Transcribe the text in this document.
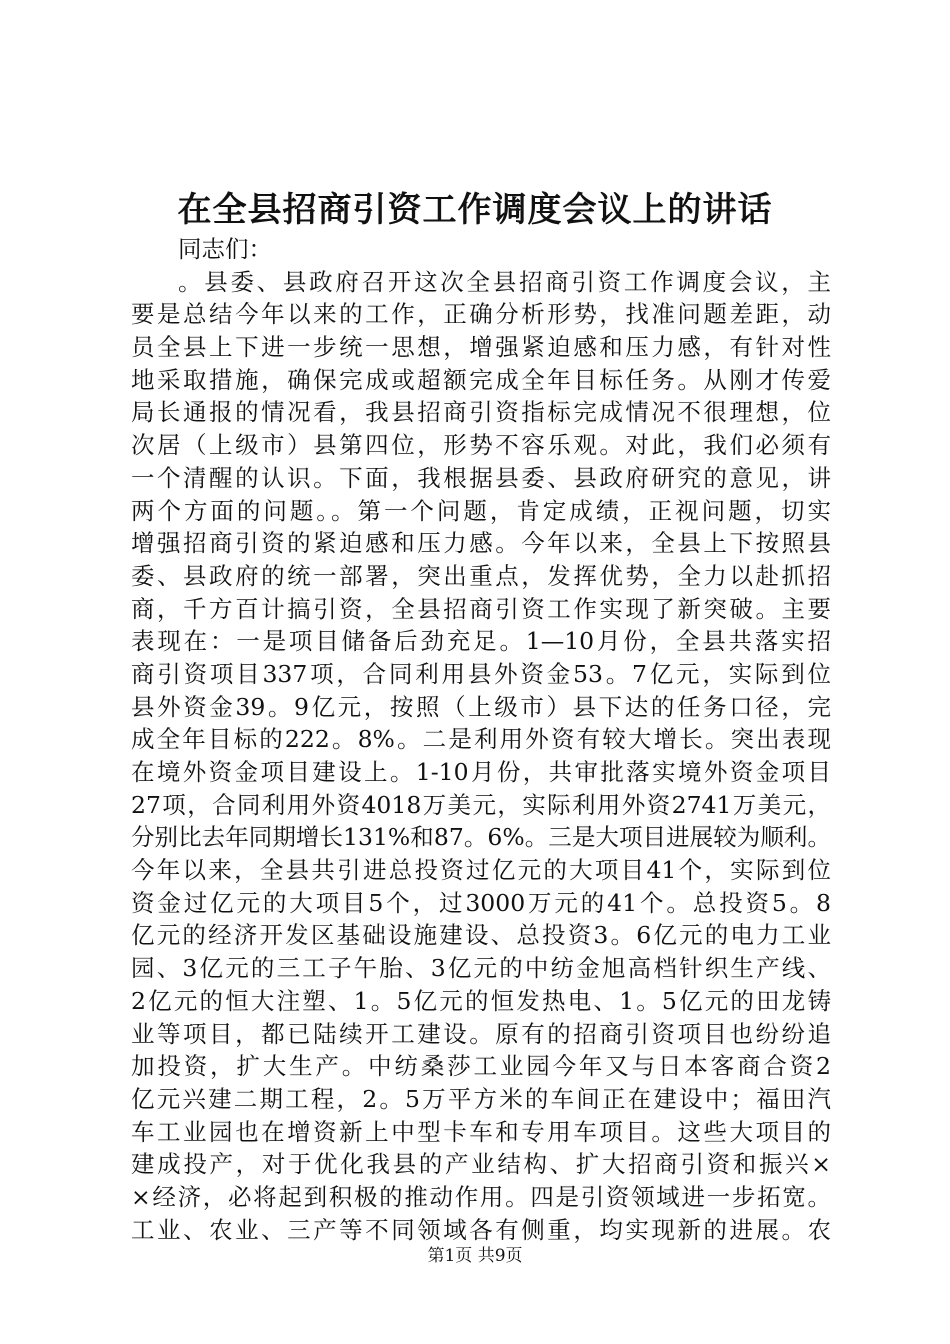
在全县招商引资工作调度会议上的讲话
同志们：
。县委、县政府召开这次全县招商引资工作调度会议，主
要是总结今年以来的工作，正确分析形势，找准问题差距，动
员全县上下进一步统一思想，增强紧迫感和压力感，有针对性
地采取措施，确保完成或超额完成全年目标任务。从刚才传爱
局长通报的情况看，我县招商引资指标完成情况不很理想，位
次居（上级市）县第四位，形势不容乐观。对此，我们必须有
一个清醒的认识。下面，我根据县委、县政府研究的意见，讲
两个方面的问题。。第一个问题，肯定成绩，正视问题，切实
增强招商引资的紧迫感和压力感。今年以来，全县上下按照县
委、县政府的统一部署，突出重点，发挥优势，全力以赴抓招
商，千方百计搞引资，全县招商引资工作实现了新突破。主要
表现在：一是项目储备后劲充足。1—10月份，全县共落实招
商引资项目337项，合同利用县外资金53。7亿元，实际到位
县外资金39。9亿元，按照（上级市）县下达的任务口径，完
成全年目标的222。8%。二是利用外资有较大增长。突出表现
在境外资金项目建设上。1-10月份，共审批落实境外资金项目
27项，合同利用外资4018万美元，实际利用外资2741万美元，
分别比去年同期增长131%和87。6%。三是大项目进展较为顺利。
今年以来，全县共引进总投资过亿元的大项目41个，实际到位
资金过亿元的大项目5个，过3000万元的41个。总投资5。8
亿元的经济开发区基础设施建设、总投资3。6亿元的电力工业
园、3亿元的三工子午胎、3亿元的中纺金旭高档针织生产线、
2亿元的恒大注塑、1。5亿元的恒发热电、1。5亿元的田龙铸
业等项目，都已陆续开工建设。原有的招商引资项目也纷纷追
加投资，扩大生产。中纺桑莎工业园今年又与日本客商合资2
亿元兴建二期工程，2。5万平方米的车间正在建设中；福田汽
车工业园也在增资新上中型卡车和专用车项目。这些大项目的
建成投产，对于优化我县的产业结构、扩大招商引资和振兴×
×经济，必将起到积极的推动作用。四是引资领域进一步拓宽。
工业、农业、三产等不同领域各有侧重，均实现新的进展。农
第1页 共9页
